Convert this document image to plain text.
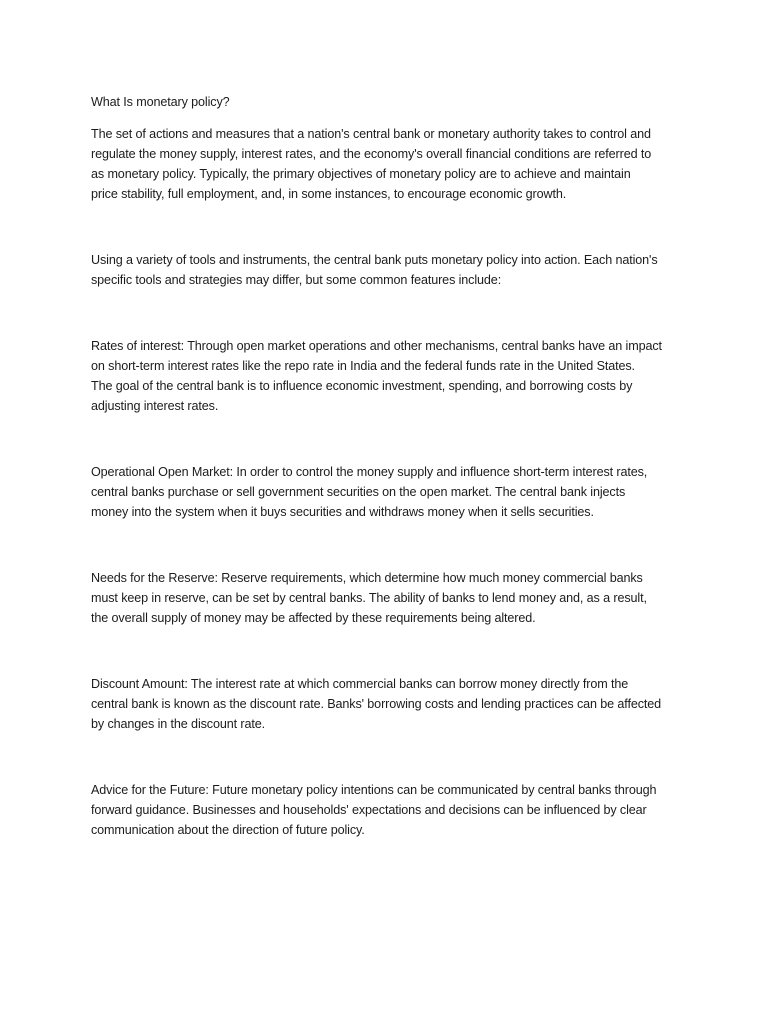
What Is monetary policy?
The set of actions and measures that a nation's central bank or monetary authority takes to control and
regulate the money supply, interest rates, and the economy's overall financial conditions are referred to
as monetary policy. Typically, the primary objectives of monetary policy are to achieve and maintain
price stability, full employment, and, in some instances, to encourage economic growth.
Using a variety of tools and instruments, the central bank puts monetary policy into action. Each nation's
specific tools and strategies may differ, but some common features include:
Rates of interest: Through open market operations and other mechanisms, central banks have an impact
on short-term interest rates like the repo rate in India and the federal funds rate in the United States.
The goal of the central bank is to influence economic investment, spending, and borrowing costs by
adjusting interest rates.
Operational Open Market: In order to control the money supply and influence short-term interest rates,
central banks purchase or sell government securities on the open market. The central bank injects
money into the system when it buys securities and withdraws money when it sells securities.
Needs for the Reserve: Reserve requirements, which determine how much money commercial banks
must keep in reserve, can be set by central banks. The ability of banks to lend money and, as a result,
the overall supply of money may be affected by these requirements being altered.
Discount Amount: The interest rate at which commercial banks can borrow money directly from the
central bank is known as the discount rate. Banks' borrowing costs and lending practices can be affected
by changes in the discount rate.
Advice for the Future: Future monetary policy intentions can be communicated by central banks through
forward guidance. Businesses and households' expectations and decisions can be influenced by clear
communication about the direction of future policy.
